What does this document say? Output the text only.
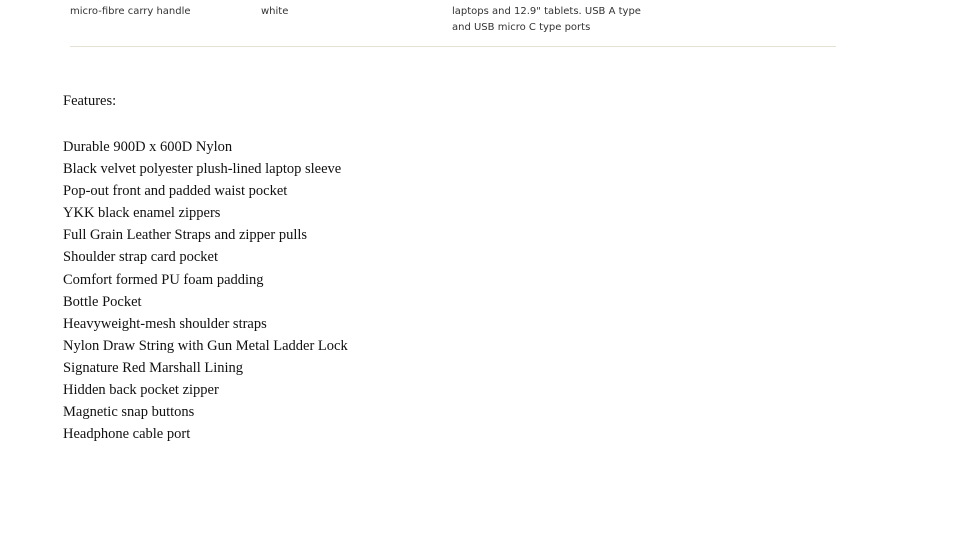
micro-fibre carry handle	white	laptops and 12.9" tablets. USB A type
and USB micro C type ports

Features:

Durable 900D x 600D Nylon
Black velvet polyester plush-lined laptop sleeve
Pop-out front and padded waist pocket
YKK black enamel zippers
Full Grain Leather Straps and zipper pulls
Shoulder strap card pocket
Comfort formed PU foam padding
Bottle Pocket
Heavyweight-mesh shoulder straps
Nylon Draw String with Gun Metal Ladder Lock
Signature Red Marshall Lining
Hidden back pocket zipper
Magnetic snap buttons
Headphone cable port
